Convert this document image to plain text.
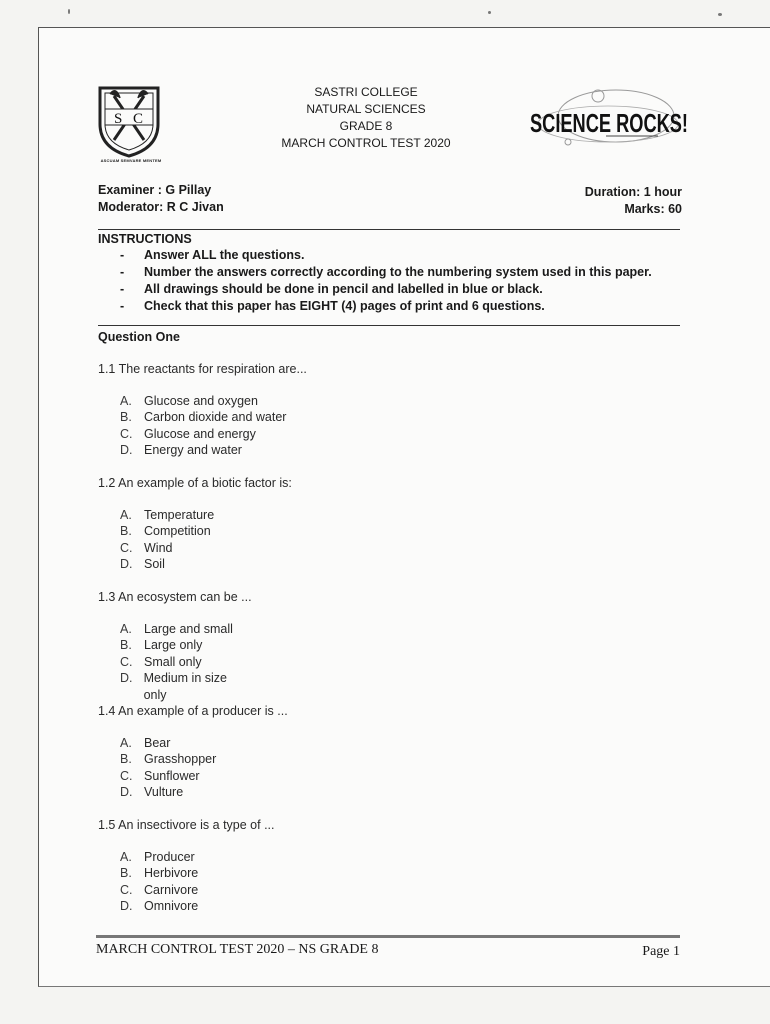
S C
ASCUAM SEMVARE MENTEM
SASTRI COLLEGE
NATURAL SCIENCES
GRADE 8
MARCH CONTROL TEST 2020
SCIENCE ROCKS!
Examiner : G Pillay
Moderator: R C Jivan
Duration: 1 hour
Marks: 60
INSTRUCTIONS
-	Answer ALL the questions.
-	Number the answers correctly according to the numbering system used in this paper.
-	All drawings should be done in pencil and labelled in blue or black.
-	Check that this paper has EIGHT (4) pages of print and 6 questions.
Question One

1.1 The reactants for respiration are...

A. Glucose and oxygen
B. Carbon dioxide and water
C. Glucose and energy
D. Energy and water

1.2 An example of a biotic factor is:

A. Temperature
B. Competition
C. Wind
D. Soil

1.3 An ecosystem can be ...

A. Large and small
B. Large only
C. Small only
D. Medium in size only

1.4 An example of a producer is ...

A. Bear
B. Grasshopper
C. Sunflower
D. Vulture

1.5 An insectivore is a type of ...

A. Producer
B. Herbivore
C. Carnivore
D. Omnivore
MARCH CONTROL TEST 2020 – NS GRADE 8	Page 1
